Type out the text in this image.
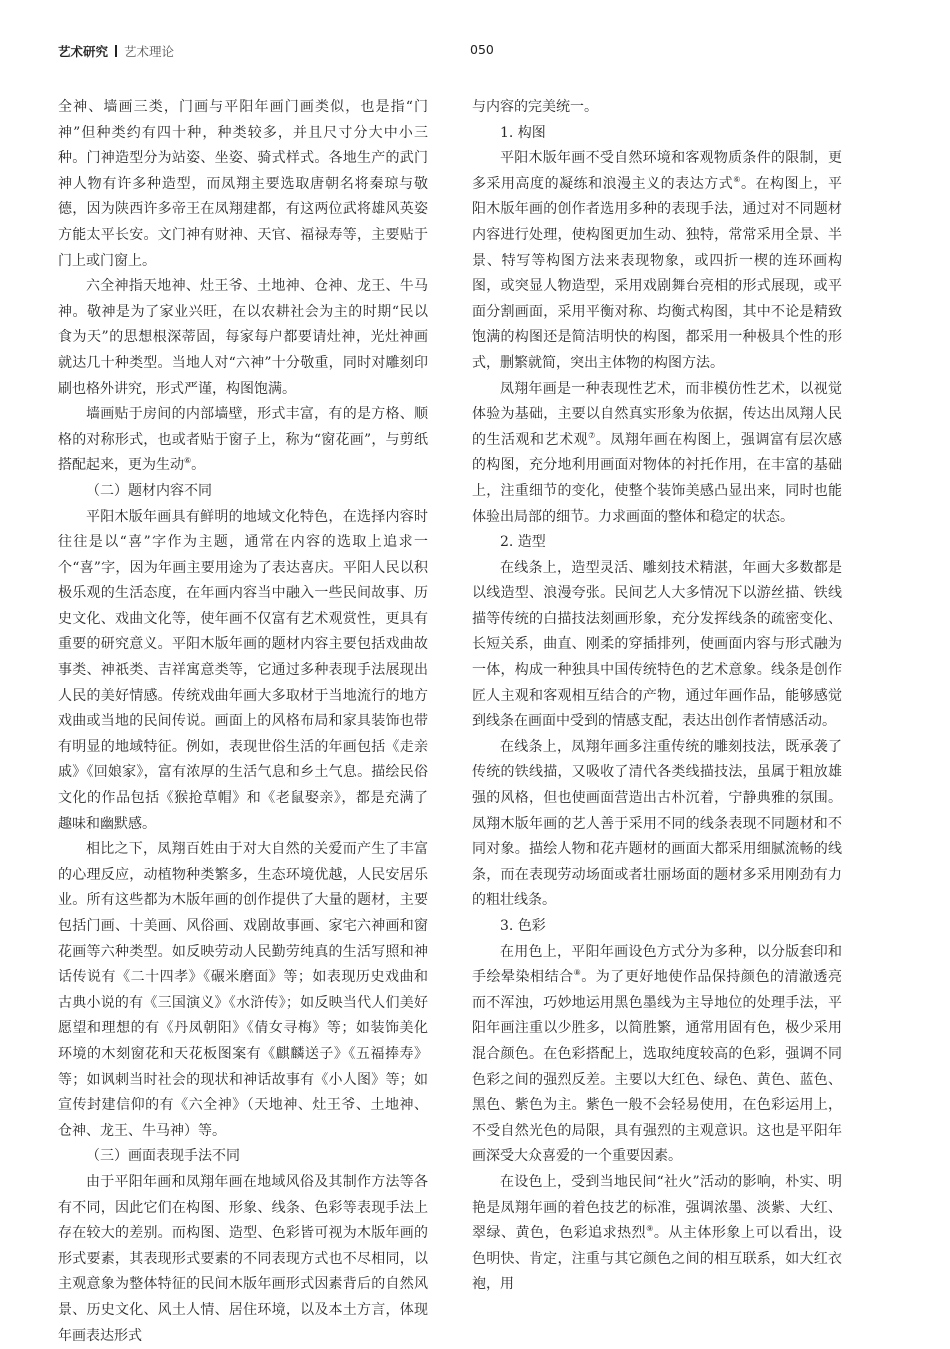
艺术研究 艺术理论	050

全神、墙画三类，门画与平阳年画门画类似，也是指“门神”但种类约有四十种，种类较多，并且尺寸分大中小三种。门神造型分为站姿、坐姿、骑式样式。各地生产的武门神人物有许多种造型，而凤翔主要选取唐朝名将秦琼与敬德，因为陕西许多帝王在凤翔建都，有这两位武将雄风英姿方能太平长安。文门神有财神、天官、福禄寿等，主要贴于门上或门窗上。

六全神指天地神、灶王爷、土地神、仓神、龙王、牛马神。敬神是为了家业兴旺，在以农耕社会为主的时期“民以食为天”的思想根深蒂固，每家每户都要请灶神，光灶神画就达几十种类型。当地人对“六神”十分敬重，同时对雕刻印刷也格外讲究，形式严谨，构图饱满。

墙画贴于房间的内部墙壁，形式丰富，有的是方格、顺格的对称形式，也或者贴于窗子上，称为“窗花画”，与剪纸搭配起来，更为生动⑥。

（二）题材内容不同

平阳木版年画具有鲜明的地域文化特色，在选择内容时往往是以“喜”字作为主题，通常在内容的选取上追求一个“喜”字，因为年画主要用途为了表达喜庆。平阳人民以积极乐观的生活态度，在年画内容当中融入一些民间故事、历史文化、戏曲文化等，使年画不仅富有艺术观赏性，更具有重要的研究意义。平阳木版年画的题材内容主要包括戏曲故事类、神祇类、吉祥寓意类等，它通过多种表现手法展现出人民的美好情感。传统戏曲年画大多取材于当地流行的地方戏曲或当地的民间传说。画面上的风格布局和家具装饰也带有明显的地域特征。例如，表现世俗生活的年画包括《走亲戚》《回娘家》，富有浓厚的生活气息和乡土气息。描绘民俗文化的作品包括《猴抢草帽》和《老鼠娶亲》，都是充满了趣味和幽默感。

相比之下，凤翔百姓由于对大自然的关爱而产生了丰富的心理反应，动植物种类繁多，生态环境优越，人民安居乐业。所有这些都为木版年画的创作提供了大量的题材，主要包括门画、十美画、风俗画、戏剧故事画、家宅六神画和窗花画等六种类型。如反映劳动人民勤劳纯真的生活写照和神话传说有《二十四孝》《碾米磨面》等；如表现历史戏曲和古典小说的有《三国演义》《水浒传》；如反映当代人们美好愿望和理想的有《丹凤朝阳》《倩女寻梅》等；如装饰美化环境的木刻窗花和天花板图案有《麒麟送子》《五福捧寿》等；如讽刺当时社会的现状和神话故事有《小人图》等；如宣传封建信仰的有《六全神》（天地神、灶王爷、土地神、仓神、龙王、牛马神）等。

（三）画面表现手法不同

由于平阳年画和凤翔年画在地域风俗及其制作方法等各有不同，因此它们在构图、形象、线条、色彩等表现手法上存在较大的差别。而构图、造型、色彩皆可视为木版年画的形式要素，其表现形式要素的不同表现方式也不尽相同，以主观意象为整体特征的民间木版年画形式因素背后的自然风景、历史文化、风土人情、居住环境，以及本土方言，体现年画表达形式

与内容的完美统一。

1. 构图

平阳木版年画不受自然环境和客观物质条件的限制，更多采用高度的凝练和浪漫主义的表达方式⑥。在构图上，平阳木版年画的创作者选用多种的表现手法，通过对不同题材内容进行处理，使构图更加生动、独特，常常采用全景、半景、特写等构图方法来表现物象，或四折一楔的连环画构图，或突显人物造型，采用戏剧舞台亮相的形式展现，或平面分割画面，采用平衡对称、均衡式构图，其中不论是精致饱满的构图还是简洁明快的构图，都采用一种极具个性的形式，删繁就简，突出主体物的构图方法。

凤翔年画是一种表现性艺术，而非模仿性艺术，以视觉体验为基础，主要以自然真实形象为依据，传达出凤翔人民的生活观和艺术观⑦。凤翔年画在构图上，强调富有层次感的构图，充分地利用画面对物体的衬托作用，在丰富的基础上，注重细节的变化，使整个装饰美感凸显出来，同时也能体验出局部的细节。力求画面的整体和稳定的状态。

2. 造型

在线条上，造型灵活、雕刻技术精湛，年画大多数都是以线造型、浪漫夸张。民间艺人大多情况下以游丝描、铁线描等传统的白描技法刻画形象，充分发挥线条的疏密变化、长短关系，曲直、刚柔的穿插排列，使画面内容与形式融为一体，构成一种独具中国传统特色的艺术意象。线条是创作匠人主观和客观相互结合的产物，通过年画作品，能够感觉到线条在画面中受到的情感支配，表达出创作者情感活动。

在线条上，凤翔年画多注重传统的雕刻技法，既承袭了传统的铁线描，又吸收了清代各类线描技法，虽属于粗放雄强的风格，但也使画面营造出古朴沉着，宁静典雅的氛围。凤翔木版年画的艺人善于采用不同的线条表现不同题材和不同对象。描绘人物和花卉题材的画面大都采用细腻流畅的线条，而在表现劳动场面或者壮丽场面的题材多采用刚劲有力的粗壮线条。

3. 色彩

在用色上，平阳年画设色方式分为多种，以分版套印和手绘晕染相结合⑧。为了更好地使作品保持颜色的清澈透亮而不浑浊，巧妙地运用黑色墨线为主导地位的处理手法，平阳年画注重以少胜多，以简胜繁，通常用固有色，极少采用混合颜色。在色彩搭配上，选取纯度较高的色彩，强调不同色彩之间的强烈反差。主要以大红色、绿色、黄色、蓝色、黑色、紫色为主。紫色一般不会轻易使用，在色彩运用上，不受自然光色的局限，具有强烈的主观意识。这也是平阳年画深受大众喜爱的一个重要因素。

在设色上，受到当地民间“社火”活动的影响，朴实、明艳是凤翔年画的着色技艺的标准，强调浓墨、淡紫、大红、翠绿、黄色，色彩追求热烈⑨。从主体形象上可以看出，设色明快、肯定，注重与其它颜色之间的相互联系，如大红衣袍，用
